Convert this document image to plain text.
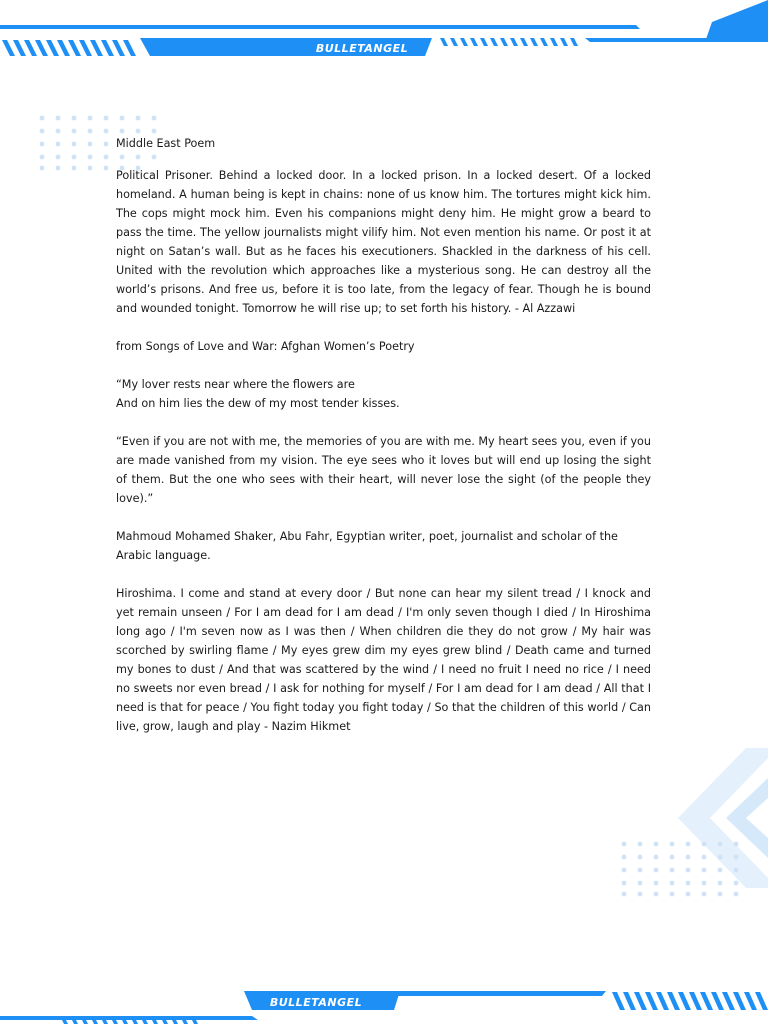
BULLETANGEL

Middle East Poem

Political Prisoner. Behind a locked door. In a locked prison. In a locked desert. Of a locked homeland. A human being is kept in chains: none of us know him. The tortures might kick him. The cops might mock him. Even his companions might deny him. He might grow a beard to pass the time. The yellow journalists might vilify him. Not even mention his name. Or post it at night on Satan’s wall. But as he faces his executioners. Shackled in the darkness of his cell. United with the revolution which approaches like a mysterious song. He can destroy all the world’s prisons. And free us, before it is too late, from the legacy of fear. Though he is bound and wounded tonight. Tomorrow he will rise up; to set forth his history. - Al Azzawi

from Songs of Love and War: Afghan Women’s Poetry

“My lover rests near where the flowers are

And on him lies the dew of my most tender kisses.

“Even if you are not with me, the memories of you are with me. My heart sees you, even if you are made vanished from my vision. The eye sees who it loves but will end up losing the sight of them. But the one who sees with their heart, will never lose the sight (of the people they love).”

Mahmoud Mohamed Shaker, Abu Fahr, Egyptian writer, poet, journalist and scholar of the Arabic language.

Hiroshima. I come and stand at every door / But none can hear my silent tread / I knock and yet remain unseen / For I am dead for I am dead / I'm only seven though I died / In Hiroshima long ago / I'm seven now as I was then / When children die they do not grow / My hair was scorched by swirling flame / My eyes grew dim my eyes grew blind / Death came and turned my bones to dust / And that was scattered by the wind / I need no fruit I need no rice / I need no sweets nor even bread / I ask for nothing for myself / For I am dead for I am dead / All that I need is that for peace / You fight today you fight today / So that the children of this world / Can live, grow, laugh and play - Nazim Hikmet

BULLETANGEL
